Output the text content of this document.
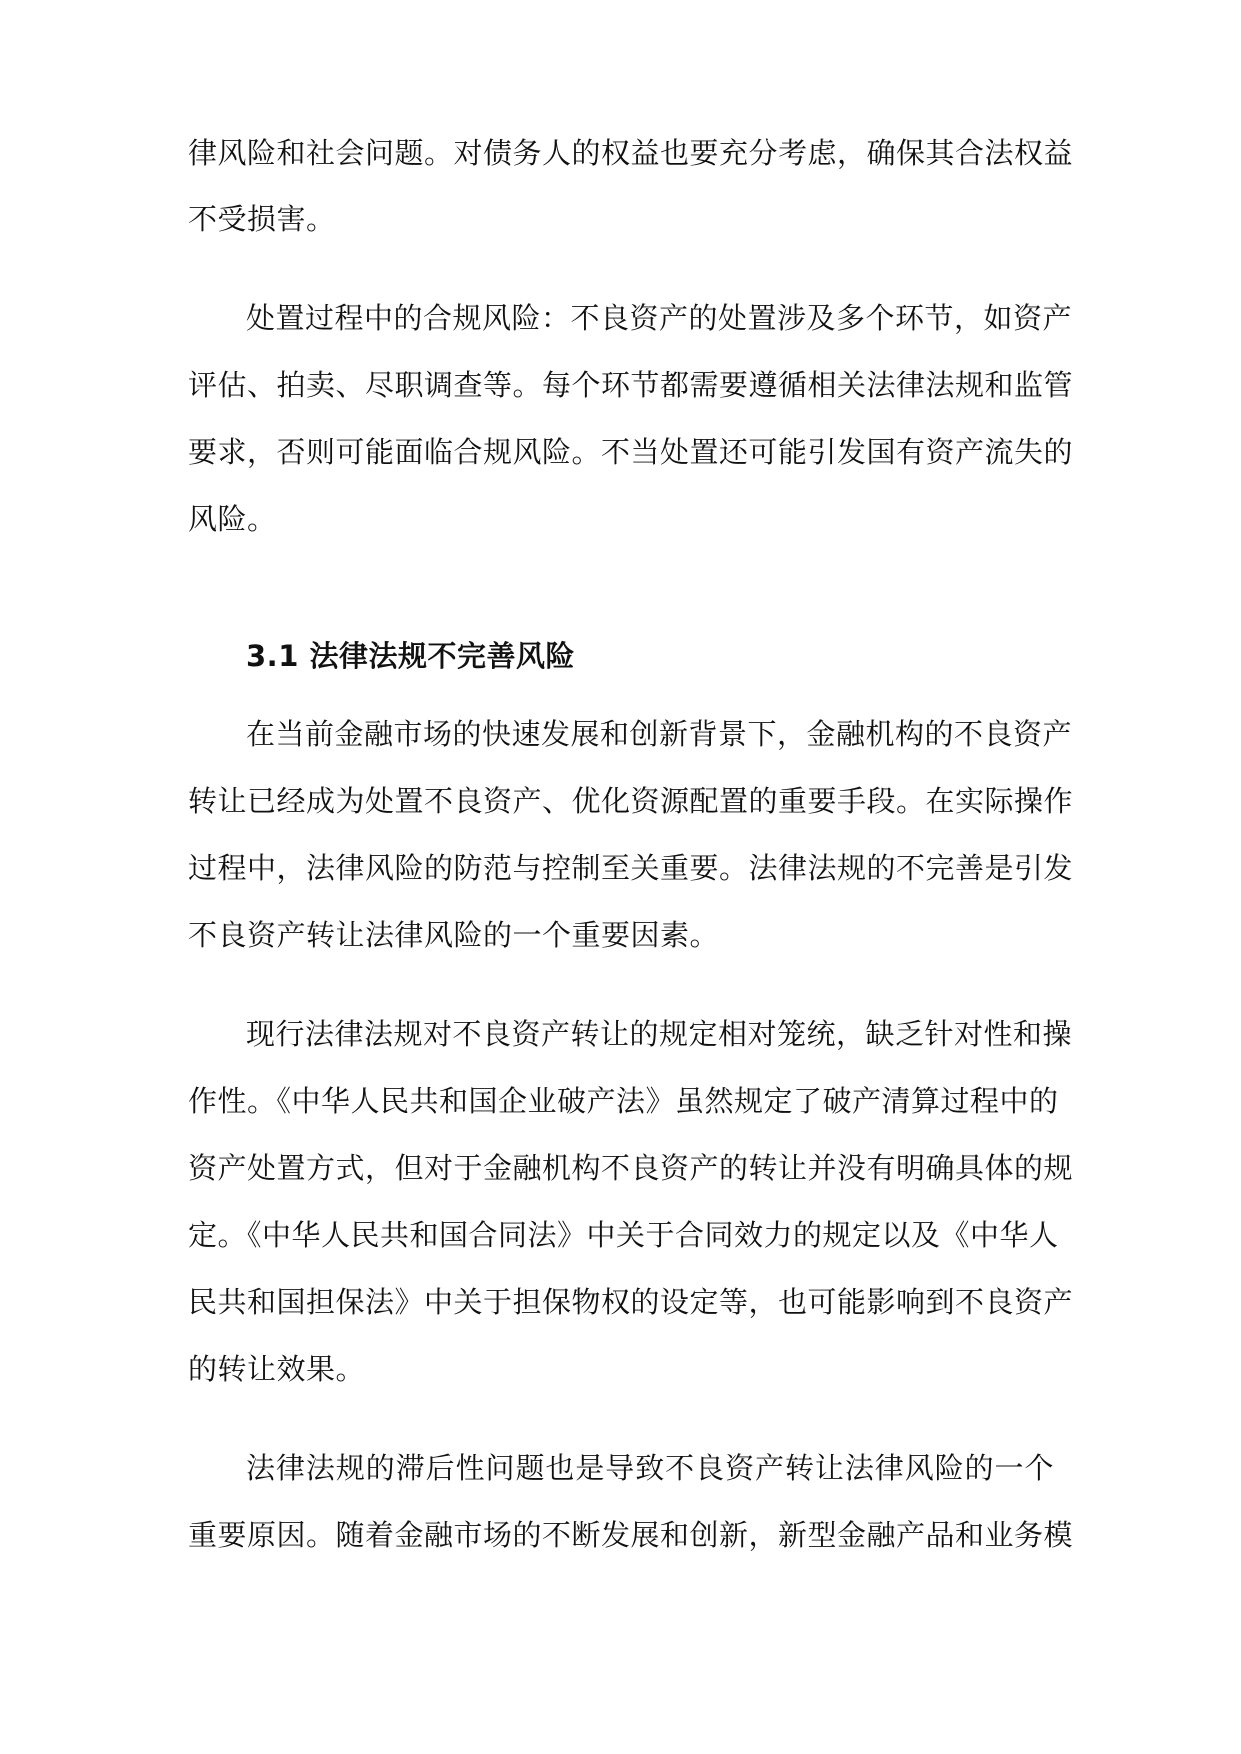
律风险和社会问题。对债务人的权益也要充分考虑，确保其合法权益
不受损害。
处置过程中的合规风险：不良资产的处置涉及多个环节，如资产
评估、拍卖、尽职调查等。每个环节都需要遵循相关法律法规和监管
要求，否则可能面临合规风险。不当处置还可能引发国有资产流失的
风险。
3.1 法律法规不完善风险
在当前金融市场的快速发展和创新背景下，金融机构的不良资产
转让已经成为处置不良资产、优化资源配置的重要手段。在实际操作
过程中，法律风险的防范与控制至关重要。法律法规的不完善是引发
不良资产转让法律风险的一个重要因素。
现行法律法规对不良资产转让的规定相对笼统，缺乏针对性和操
作性。《中华人民共和国企业破产法》虽然规定了破产清算过程中的
资产处置方式，但对于金融机构不良资产的转让并没有明确具体的规
定。《中华人民共和国合同法》中关于合同效力的规定以及《中华人
民共和国担保法》中关于担保物权的设定等，也可能影响到不良资产
的转让效果。
法律法规的滞后性问题也是导致不良资产转让法律风险的一个
重要原因。随着金融市场的不断发展和创新，新型金融产品和业务模
